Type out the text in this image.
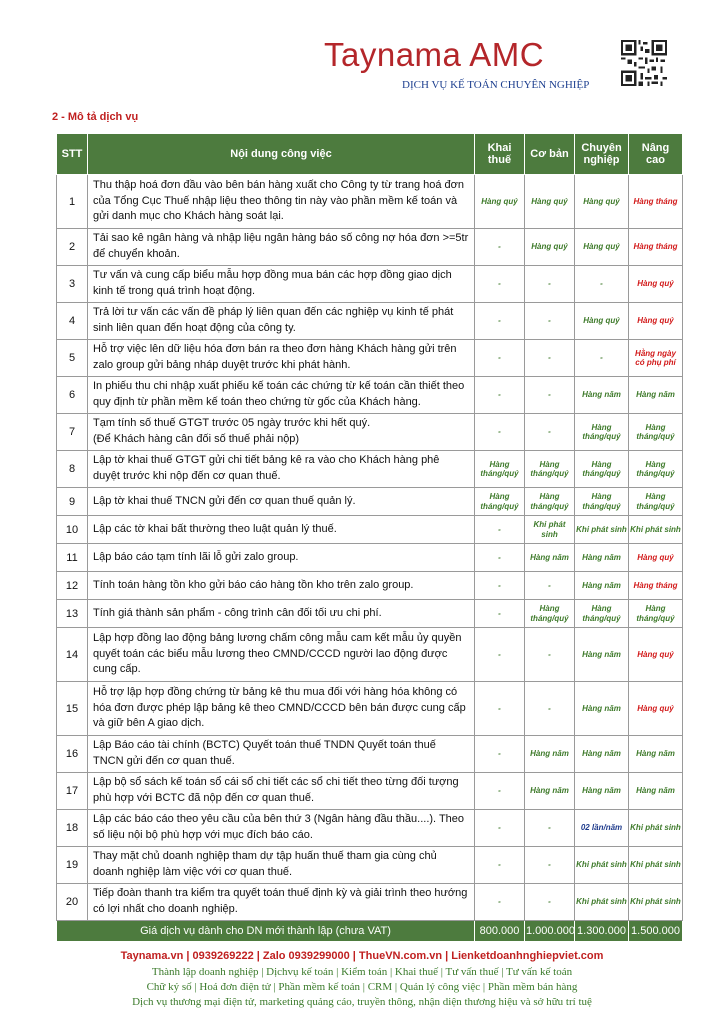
Taynama AMC
DỊCH VỤ KẾ TOÁN CHUYÊN NGHIỆP
2 - Mô tả dịch vụ
STT	Nội dung công việc	Khai thuế	Cơ bản	Chuyên nghiệp	Nâng cao
1	Thu thập hoá đơn đầu vào bên bán hàng xuất cho Công ty từ trang hoá đơn của Tổng Cục Thuế nhập liệu theo thông tin này vào phần mềm kế toán và gửi danh mục cho Khách hàng soát lại.	Hàng quý	Hàng quý	Hàng quý	Hàng tháng
2	Tải sao kê ngân hàng và nhập liệu ngân hàng báo số công nợ hóa đơn >=5tr để chuyển khoản.	-	Hàng quý	Hàng quý	Hàng tháng
3	Tư vấn và cung cấp biểu mẫu hợp đồng mua bán các hợp đồng giao dịch kinh tế trong quá trình hoạt động.	-	-	-	Hàng quý
4	Trả lời tư vấn các vấn đề pháp lý liên quan đến các nghiệp vụ kinh tế phát sinh liên quan đến hoạt động của công ty.	-	-	Hàng quý	Hàng quý
5	Hỗ trợ việc lên dữ liệu hóa đơn bán ra theo đơn hàng Khách hàng gửi trên zalo group gửi bảng nháp duyệt trước khi phát hành.	-	-	-	Hằng ngày có phụ phí
6	In phiếu thu chi nhập xuất phiếu kế toán các chứng từ kế toán cần thiết theo quy định từ phần mềm kế toán theo chứng từ gốc của Khách hàng.	-	-	Hàng năm	Hàng năm
7	Tạm tính số thuế GTGT trước 05 ngày trước khi hết quý.
(Để Khách hàng cân đối số thuế phải nộp)	-	-	Hàng tháng/quý	Hàng tháng/quý
8	Lập tờ khai thuế GTGT gửi chi tiết bảng kê ra vào cho Khách hàng phê duyệt trước khi nộp đến cơ quan thuế.	Hàng tháng/quý	Hàng tháng/quý	Hàng tháng/quý	Hàng tháng/quý
9	Lập tờ khai thuế TNCN gửi đến cơ quan thuế quản lý.	Hàng tháng/quý	Hàng tháng/quý	Hàng tháng/quý	Hàng tháng/quý
10	Lập các tờ khai bất thường theo luật quản lý thuế.	-	Khi phát sinh	Khi phát sinh	Khi phát sinh
11	Lập báo cáo tạm tính lãi lỗ gửi zalo group.	-	Hàng năm	Hàng năm	Hàng quý
12	Tính toán hàng tồn kho gửi báo cáo hàng tồn kho trên zalo group.	-	-	Hàng năm	Hàng tháng
13	Tính giá thành sản phẩm - công trình cân đối tối ưu chi phí.	-	Hàng tháng/quý	Hàng tháng/quý	Hàng tháng/quý
14	Lập hợp đồng lao động bảng lương chấm công mẫu cam kết mẫu ủy quyền quyết toán các biểu mẫu lương theo CMND/CCCD người lao động được cung cấp.	-	-	Hàng năm	Hàng quý
15	Hỗ trợ lập hợp đồng chứng từ bảng kê thu mua đối với hàng hóa không có hóa đơn được phép lập bảng kê theo CMND/CCCD bên bán được cung cấp và giữ bên A giao dịch.	-	-	Hàng năm	Hàng quý
16	Lập Báo cáo tài chính (BCTC) Quyết toán thuế TNDN Quyết toán thuế TNCN gửi đến cơ quan thuế.	-	Hàng năm	Hàng năm	Hàng năm
17	Lập bộ sổ sách kế toán sổ cái sổ chi tiết các sổ chi tiết theo từng đối tượng phù hợp với BCTC đã nộp đến cơ quan thuế.	-	Hàng năm	Hàng năm	Hàng năm
18	Lập các báo cáo theo yêu cầu của bên thứ 3 (Ngân hàng đầu thầu....). Theo số liệu nội bộ phù hợp với mục đích báo cáo.	-	-	02 lần/năm	Khi phát sinh
19	Thay mặt chủ doanh nghiệp tham dự tập huấn thuế tham gia cùng chủ doanh nghiệp làm việc với cơ quan thuế.	-	-	Khi phát sinh	Khi phát sinh
20	Tiếp đoàn thanh tra kiểm tra quyết toán thuế định kỳ và giải trình theo hướng có lợi nhất cho doanh nghiệp.	-	-	Khi phát sinh	Khi phát sinh
Giá dịch vụ dành cho DN mới thành lập (chưa VAT)		800.000	1.000.000	1.300.000	1.500.000
Taynama.vn | 0939269222 | Zalo 0939299000 | ThueVN.com.vn | Lienketdoanhnghiepviet.com
Thành lập doanh nghiệp | Dịchvụ kế toán | Kiểm toán | Khai thuế | Tư vấn thuế | Tư vấn kế toán
Chữ ký số | Hoá đơn điện tử | Phần mềm kế toán | CRM | Quản lý công việc | Phần mềm bán hàng
Dịch vụ thương mại điện tử, marketing quảng cáo, truyền thông, nhận diện thương hiệu và sở hữu trí tuệ
